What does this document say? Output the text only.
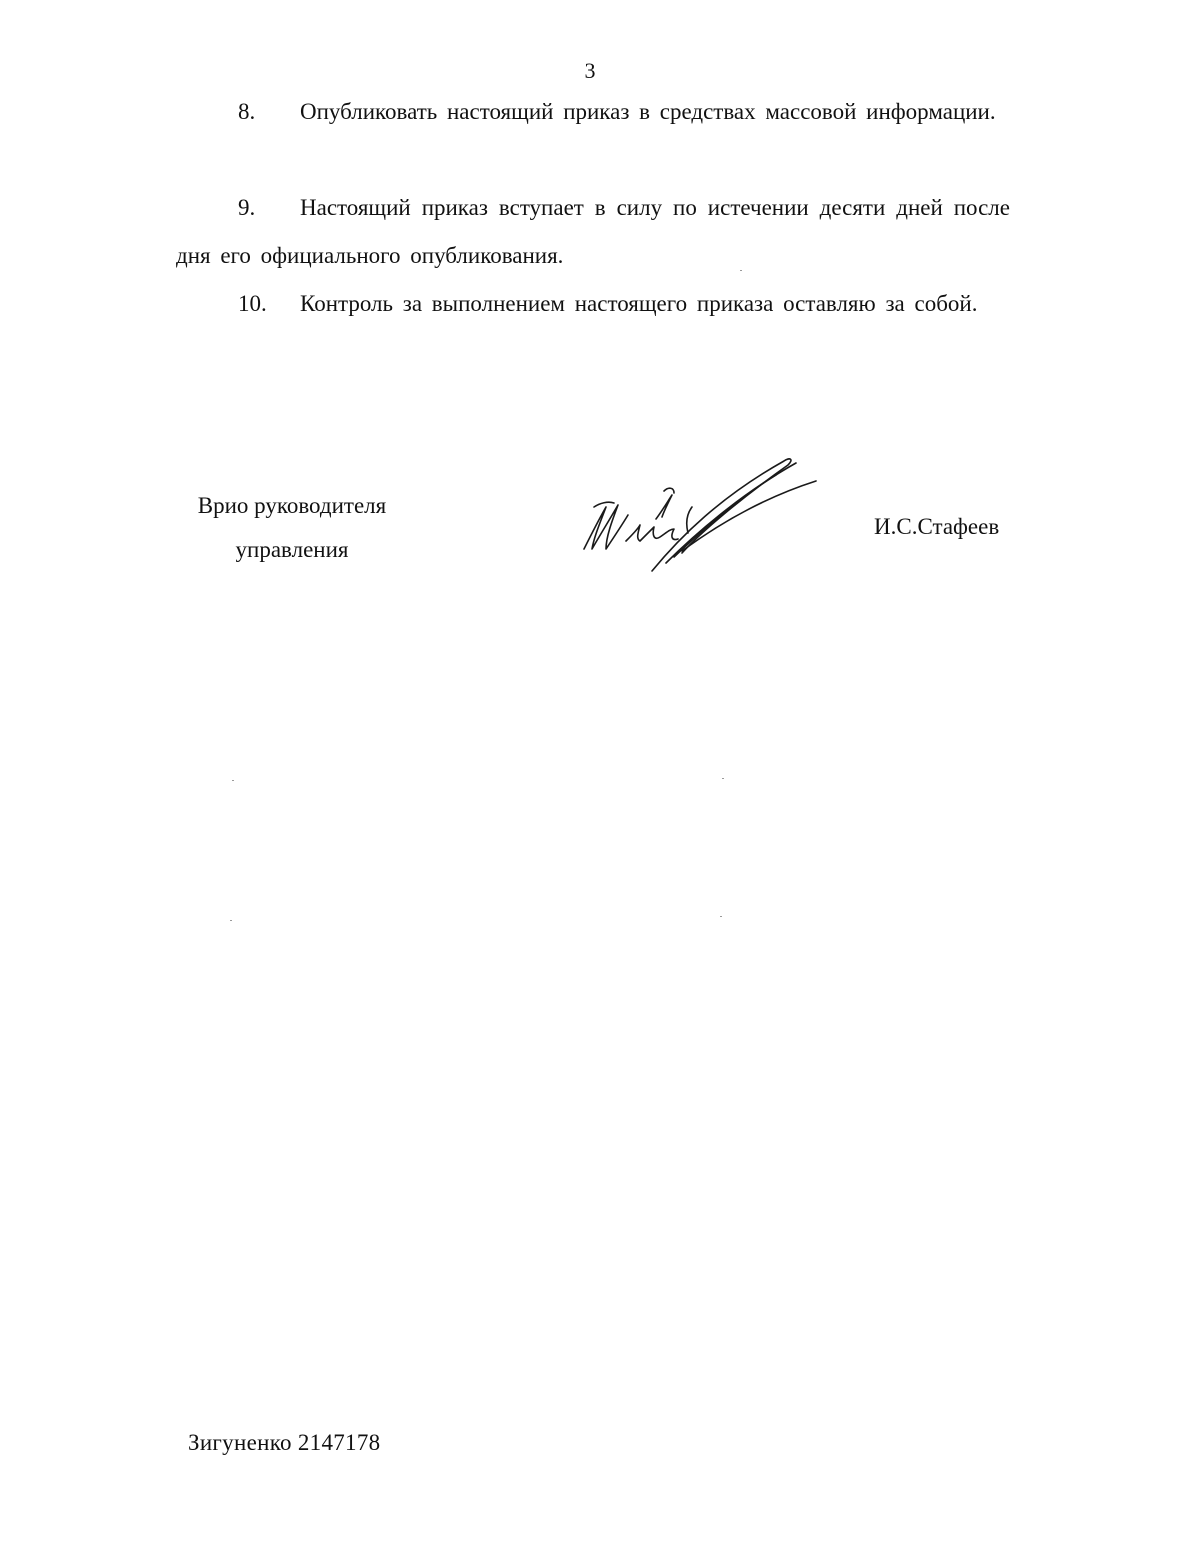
3
8. Опубликовать настоящий приказ в средствах массовой информации.
9. Настоящий приказ вступает в силу по истечении десяти дней после дня его официального опубликования.
10. Контроль за выполнением настоящего приказа оставляю за собой.
Врио руководителя
управления
И.С.Стафеев
Зигуненко 2147178
